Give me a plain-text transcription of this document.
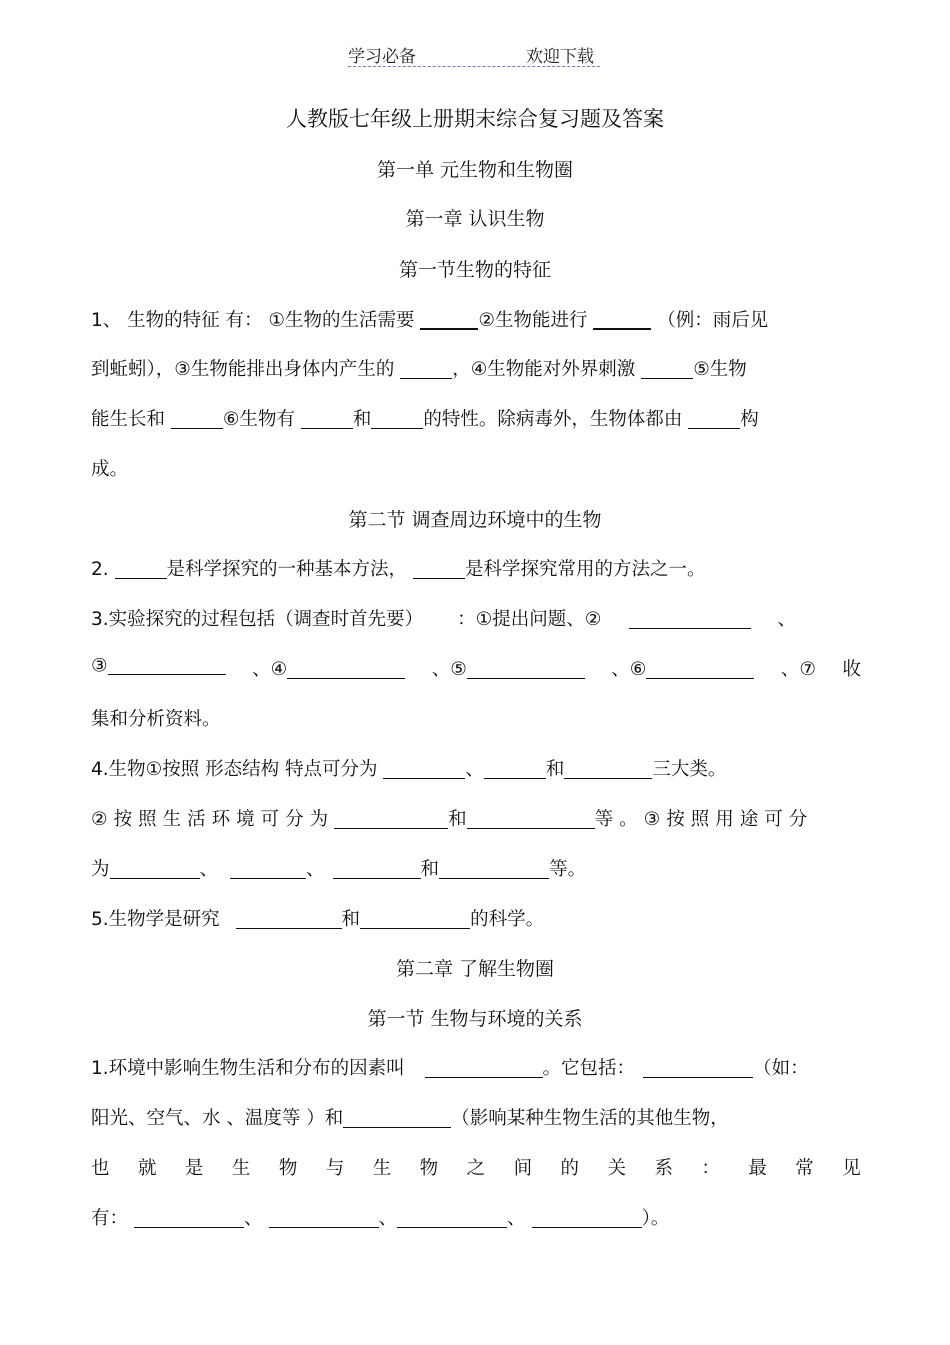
学习必备	欢迎下载
人教版七年级上册期末综合复习题及答案
第一单 元生物和生物圈
第一章 认识生物
第一节生物的特征
1、 生物的特征 有： ①生物的生活需要	②生物能进行	（例：雨后见
到蚯蚓），③生物能排出身体内产生的	，④生物能对外界刺激	⑤生物
能生长和	⑥生物有	和	的特性。除病毒外，生物体都由	构
成。
第二节 调查周边环境中的生物
2.	是科学探究的一种基本方法，	是科学探究常用的方法之一。
3.实验探究的过程包括（调查时首先要） ：①提出问题、②	、
③	、④	、⑤	、⑥	、⑦ 收
集和分析资料。
4.生物①按照 形态结构 特点可分为	、	和	三大类。
②按照生活环境可分为	和	等。③按照用途可分
为	、	、	和	等。
5.生物学是研究	和	的科学。
第二章 了解生物圈
第一节 生物与环境的关系
1.环境中影响生物生活和分布的因素叫	。它包括：	（如：
阳光、空气、水 、温度等 ）和	（影响某种生物生活的其他生物，
也 就 是 生 物 与 生 物 之 间 的 关 系 ： 最 常 见
有：	、	、	、	）。
